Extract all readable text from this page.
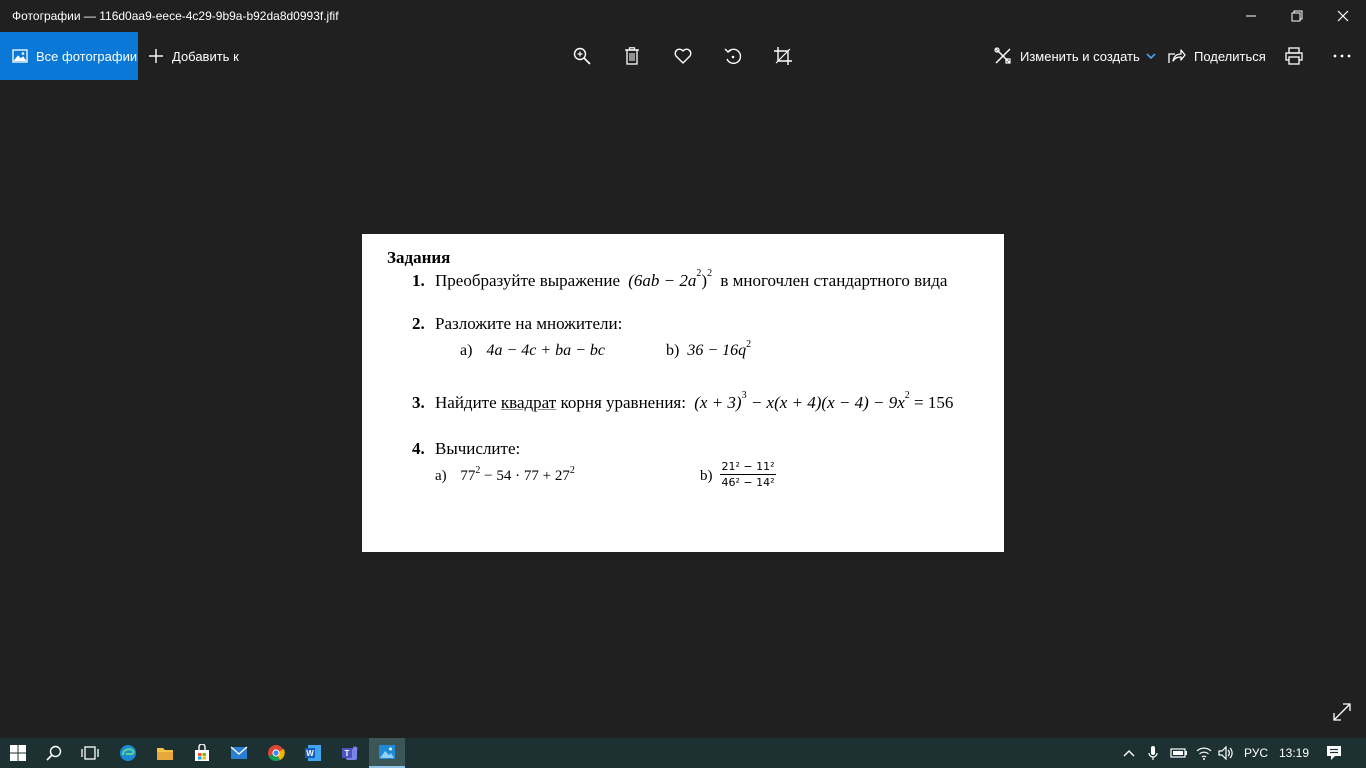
Фотографии — 116d0aa9-eece-4c29-9b9a-b92da8d0993f.jfif
Все фотографии	Добавить к	Изменить и создать	Поделиться
Задания
1. Преобразуйте выражение $(6ab - 2a^2)^2$ в многочлен стандартного вида
2. Разложите на множители:
a) 4a − 4c + ba − bc	b) $36 - 16q^2$
3. Найдите квадрат корня уравнения: $(x + 3)^3 - x(x + 4)(x - 4) - 9x^2 = 156$
4. Вычислите:
a) $77^2 - 54 \cdot 77 + 27^2$	b)
21² − 11²
46² − 14²
W	T	РУС 13:19
